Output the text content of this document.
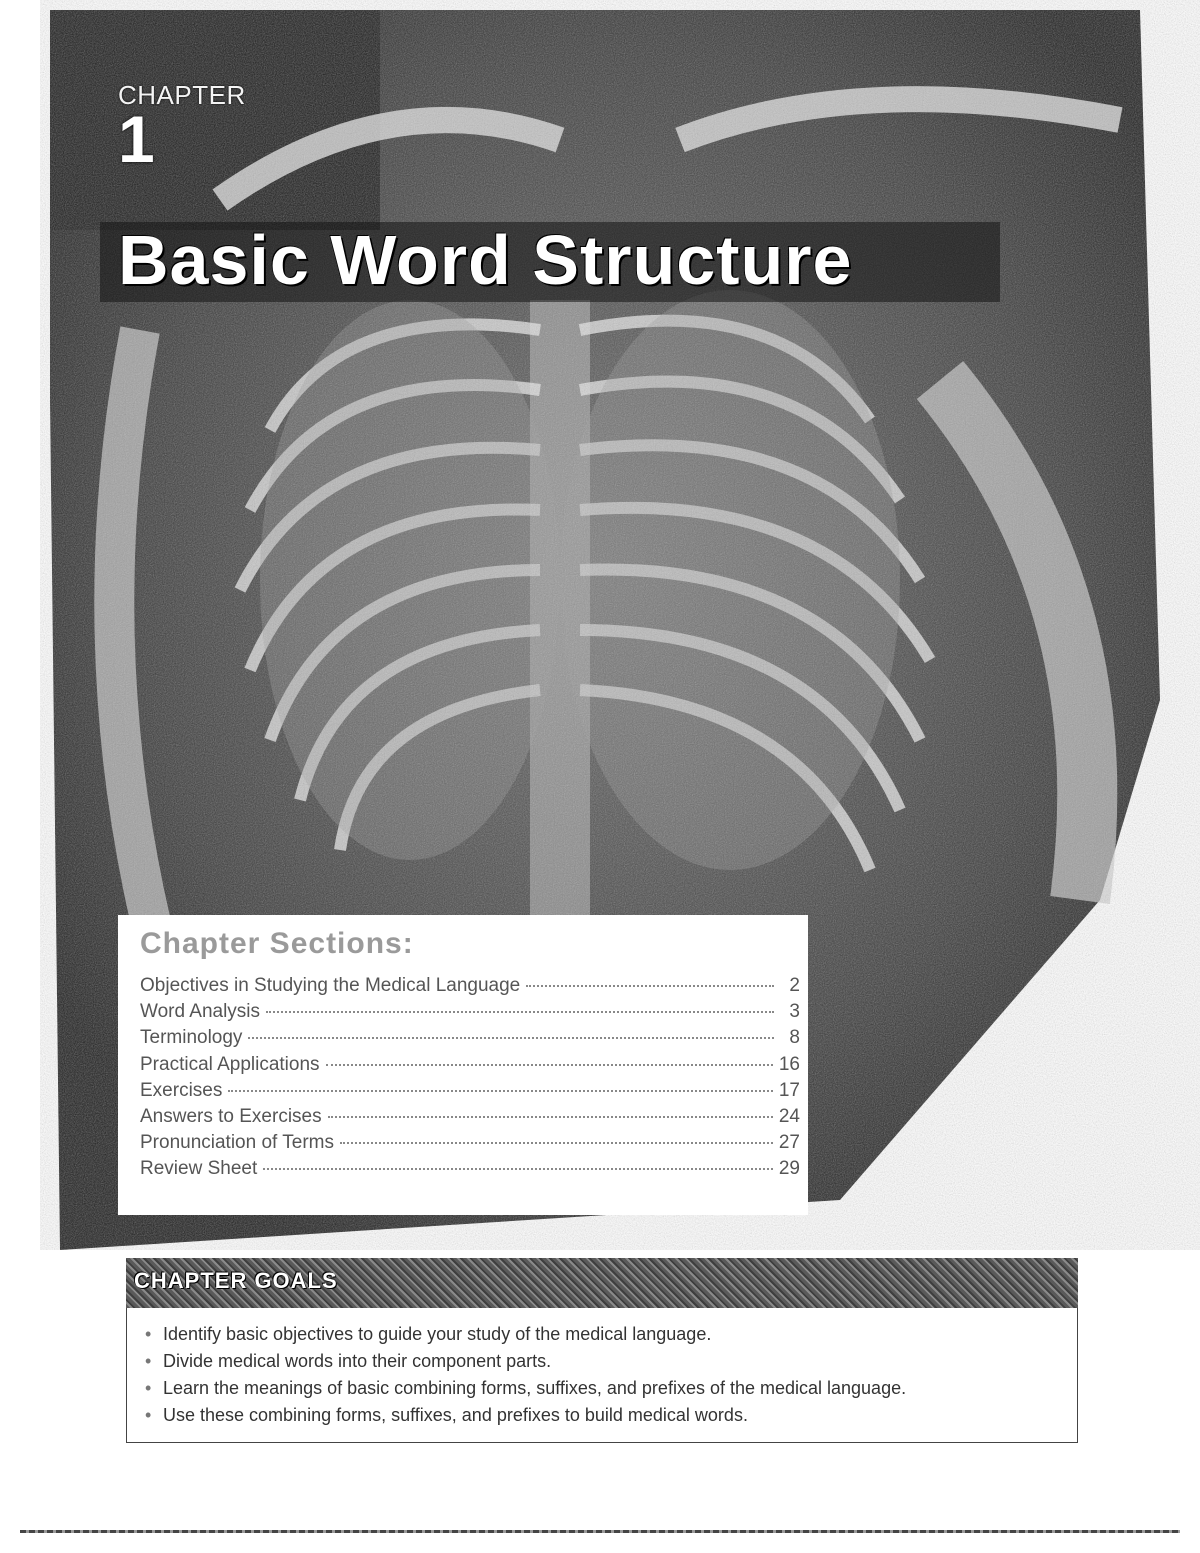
CHAPTER
1
Basic Word Structure
Chapter Sections:
Objectives in Studying the Medical Language	2
Word Analysis	3
Terminology	8
Practical Applications	16
Exercises	17
Answers to Exercises	24
Pronunciation of Terms	27
Review Sheet	29
CHAPTER GOALS
• Identify basic objectives to guide your study of the medical language.
• Divide medical words into their component parts.
• Learn the meanings of basic combining forms, suffixes, and prefixes of the medical language.
• Use these combining forms, suffixes, and prefixes to build medical words.
